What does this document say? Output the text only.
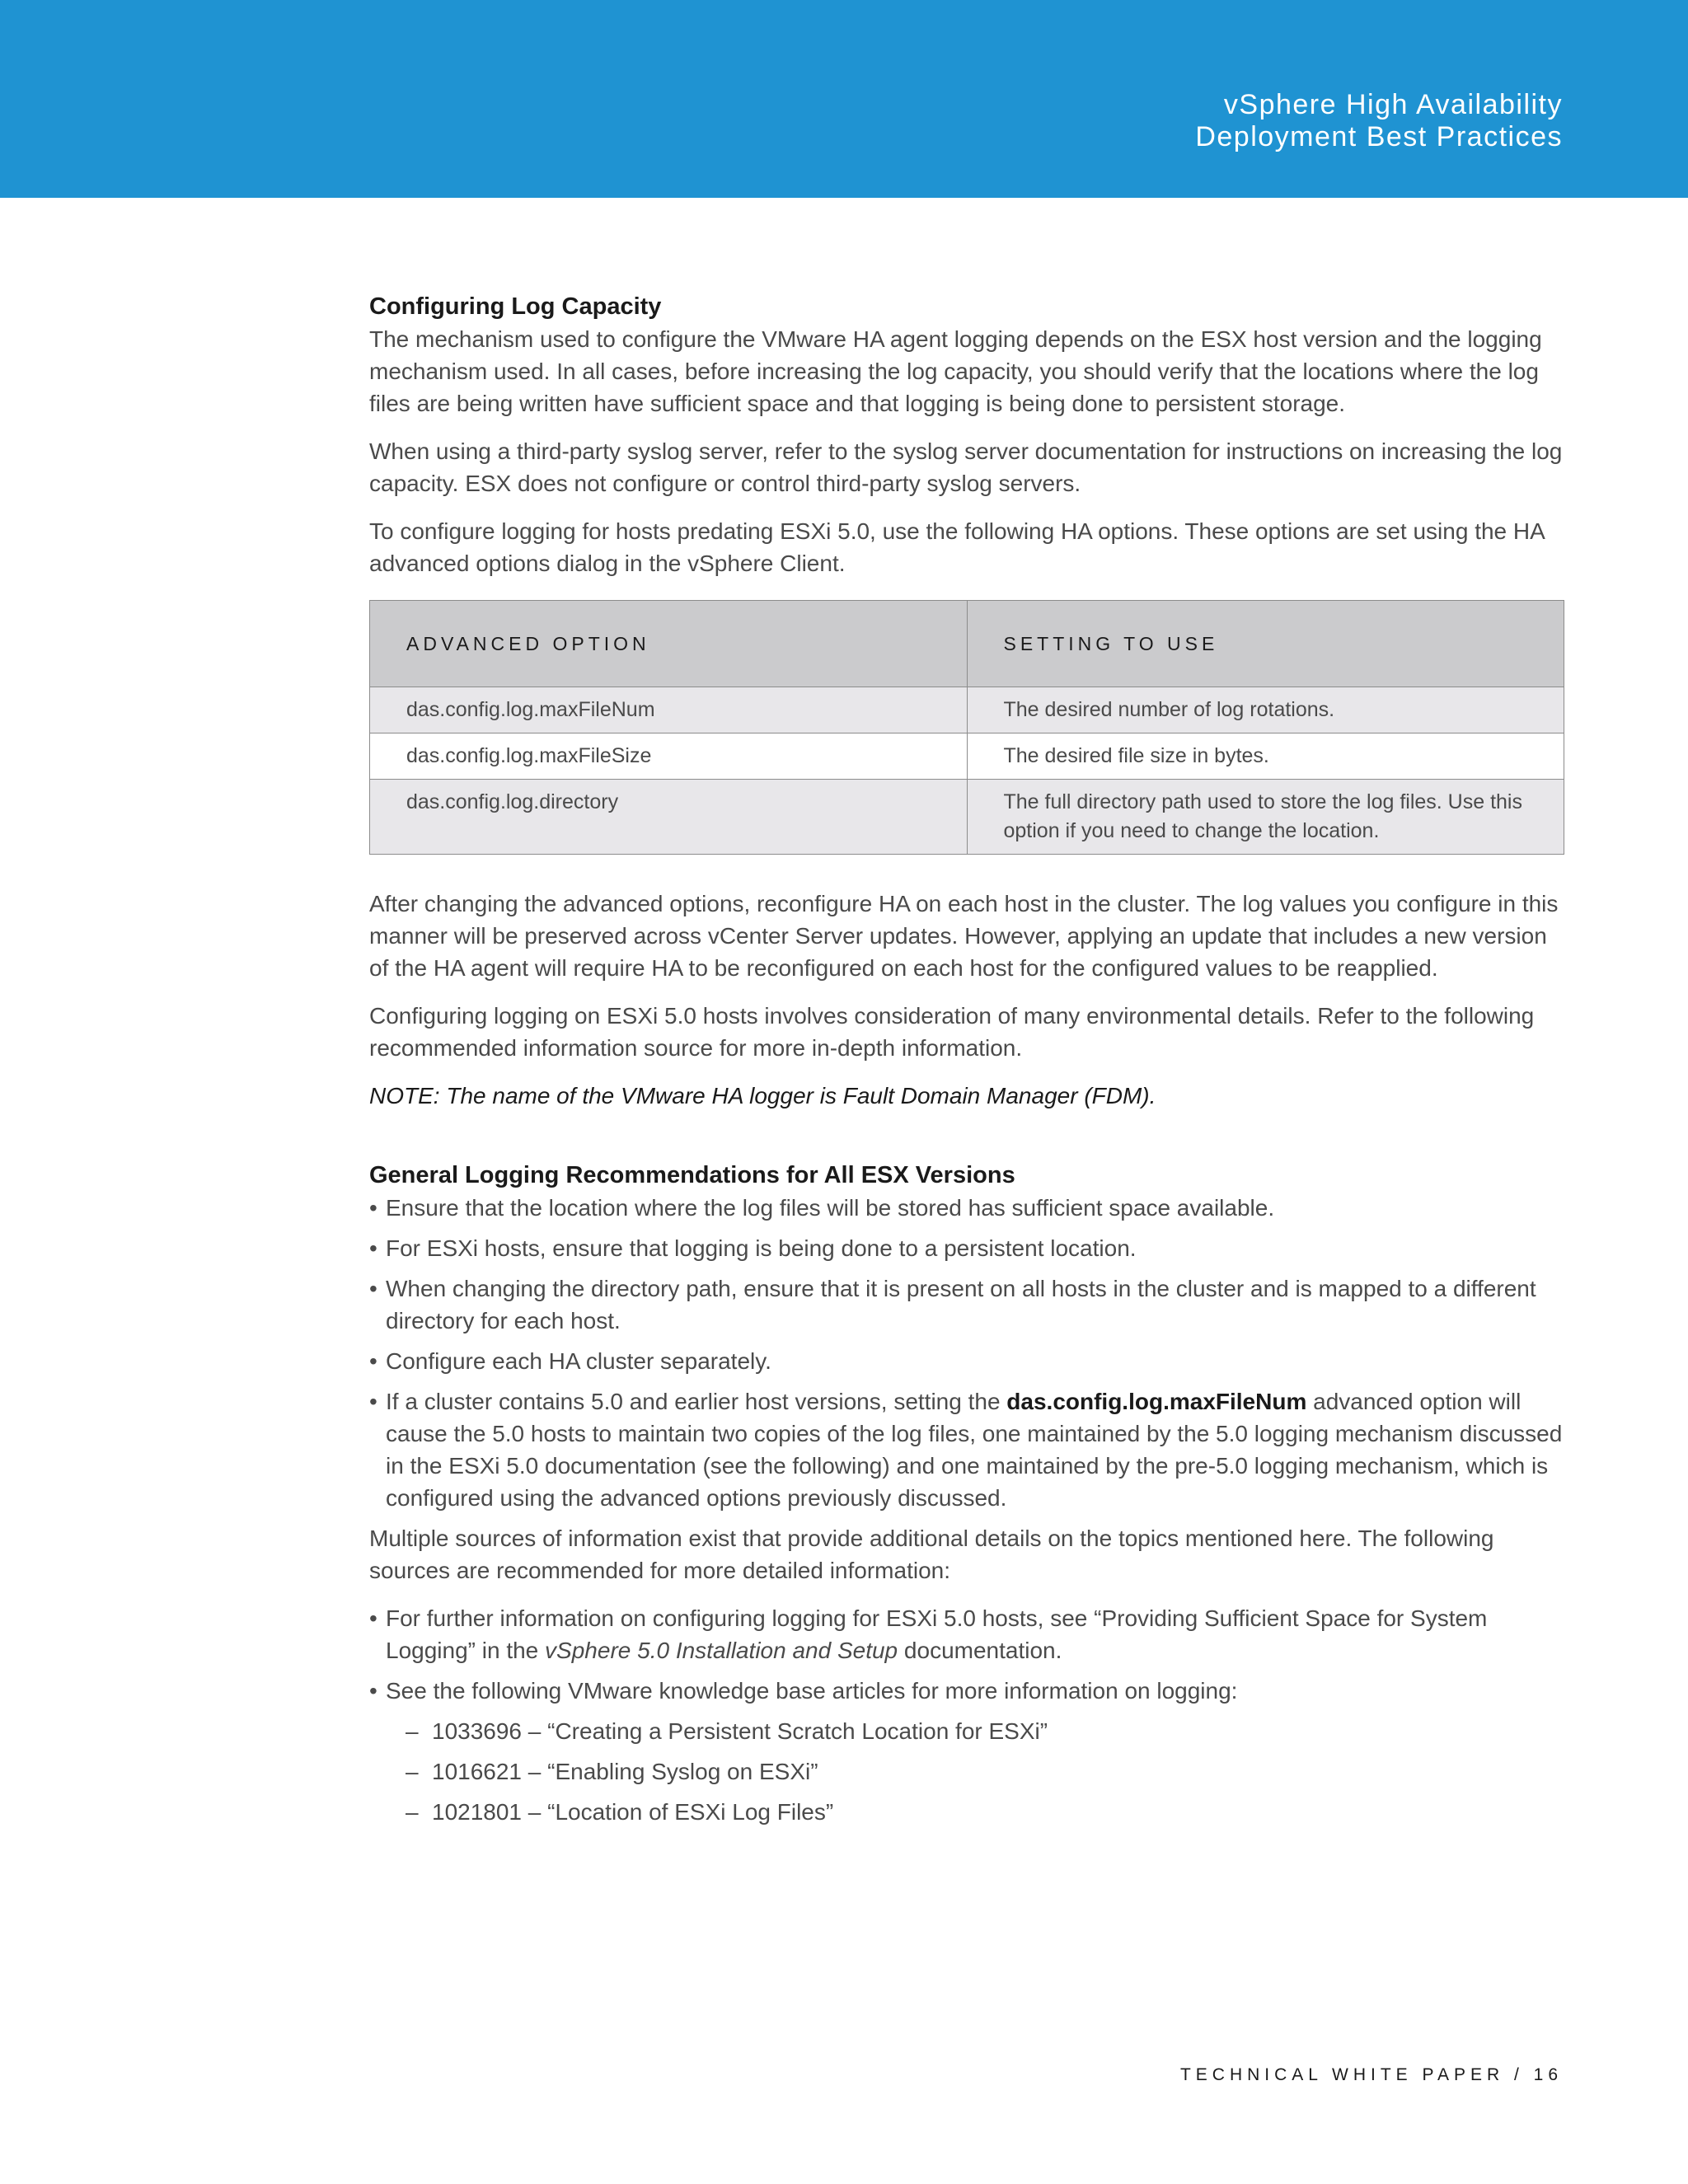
vSphere High Availability
Deployment Best Practices
Configuring Log Capacity

The mechanism used to configure the VMware HA agent logging depends on the ESX host version and the logging mechanism used. In all cases, before increasing the log capacity, you should verify that the locations where the log files are being written have sufficient space and that logging is being done to persistent storage.

When using a third-party syslog server, refer to the syslog server documentation for instructions on increasing the log capacity. ESX does not configure or control third-party syslog servers.

To configure logging for hosts predating ESXi 5.0, use the following HA options. These options are set using the HA advanced options dialog in the vSphere Client.

ADVANCED OPTION	SETTING TO USE
das.config.log.maxFileNum	The desired number of log rotations.
das.config.log.maxFileSize	The desired file size in bytes.
das.config.log.directory	The full directory path used to store the log files. Use this option if you need to change the location.

After changing the advanced options, reconfigure HA on each host in the cluster. The log values you configure in this manner will be preserved across vCenter Server updates. However, applying an update that includes a new version of the HA agent will require HA to be reconfigured on each host for the configured values to be reapplied.

Configuring logging on ESXi 5.0 hosts involves consideration of many environmental details. Refer to the following recommended information source for more in-depth information.

NOTE: The name of the VMware HA logger is Fault Domain Manager (FDM).

General Logging Recommendations for All ESX Versions
• Ensure that the location where the log files will be stored has sufficient space available.
• For ESXi hosts, ensure that logging is being done to a persistent location.
• When changing the directory path, ensure that it is present on all hosts in the cluster and is mapped to a different directory for each host.
• Configure each HA cluster separately.
• If a cluster contains 5.0 and earlier host versions, setting the das.config.log.maxFileNum advanced option will cause the 5.0 hosts to maintain two copies of the log files, one maintained by the 5.0 logging mechanism discussed in the ESXi 5.0 documentation (see the following) and one maintained by the pre-5.0 logging mechanism, which is configured using the advanced options previously discussed.

Multiple sources of information exist that provide additional details on the topics mentioned here. The following sources are recommended for more detailed information:

• For further information on configuring logging for ESXi 5.0 hosts, see “Providing Sufficient Space for System Logging” in the vSphere 5.0 Installation and Setup documentation.
• See the following VMware knowledge base articles for more information on logging:
– 1033696 – “Creating a Persistent Scratch Location for ESXi”
– 1016621 – “Enabling Syslog on ESXi”
– 1021801 – “Location of ESXi Log Files”
TECHNICAL WHITE PAPER / 16
